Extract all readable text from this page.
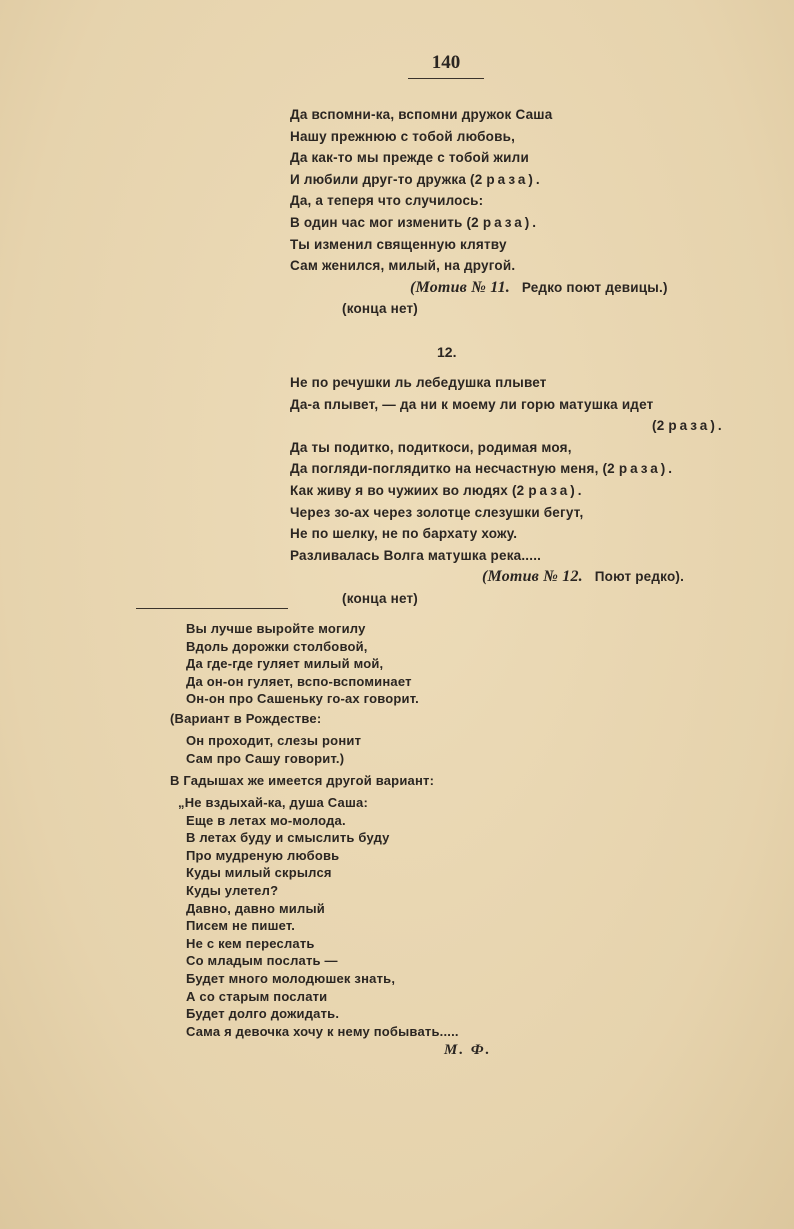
140
Да вспомни-ка, вспомни дружок Саша
Нашу прежнюю с тобой любовь,
Да как-то мы прежде с тобой жили
И любили друг-то дружка (2 раза).
Да, а теперя что случилось:
В один час мог изменить (2 раза).
Ты изменил священную клятву
Сам женился, милый, на другой.
(Мотив № 11. Редко поют девицы.)
(конца нет)
12.
Не по речушки ль лебедушка плывет
Да-а плывет, — да ни к моему ли горю матушка идет
(2 раза).
Да ты подитко, подиткоси, родимая моя,
Да погляди-поглядитко на несчастную меня, (2 раза).
Как живу я во чужиих во людях (2 раза).
Через зо-ах через золотце слезушки бегут,
Не по шелку, не по бархату хожу.
Разливалась Волга матушка река.....
(Мотив № 12. Поют редко).
(конца нет)
Вы лучше выройте могилу
Вдоль дорожки столбовой,
Да где-где гуляет милый мой,
Да он-он гуляет, вспо-вспоминает
Он-он про Сашеньку го-ах говорит.
(Вариант в Рождестве:
Он проходит, слезы ронит
Сам про Сашу говорит.)
В Гадышах же имеется другой вариант:
„Не вздыхай-ка, душа Саша:
Еще в летах мо-молода.
В летах буду и смыслить буду
Про мудреную любовь
Куды милый скрылся
Куды улетел?
Давно, давно милый
Писем не пишет.
Не с кем переслать
Со младым послать —
Будет много молодюшек знать,
А со старым послати
Будет долго дожидать.
Сама я девочка хочу к нему побывать.....
М. Ф.
